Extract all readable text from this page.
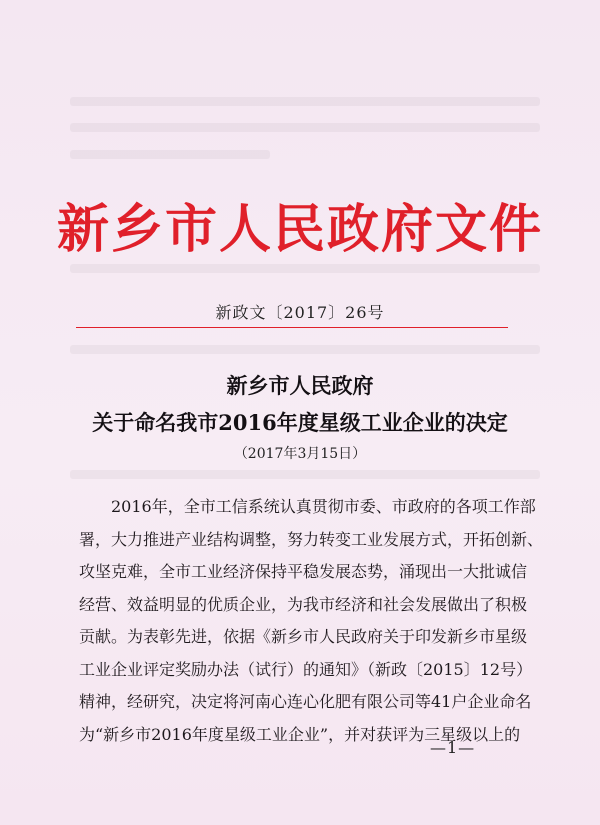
新乡市人民政府文件
新政文〔2017〕26号
新乡市人民政府
关于命名我市2016年度星级工业企业的决定
（2017年3月15日）
2016年，全市工信系统认真贯彻市委、市政府的各项工作部
署，大力推进产业结构调整，努力转变工业发展方式，开拓创新、
攻坚克难，全市工业经济保持平稳发展态势，涌现出一大批诚信
经营、效益明显的优质企业，为我市经济和社会发展做出了积极
贡献。为表彰先进，依据《新乡市人民政府关于印发新乡市星级
工业企业评定奖励办法（试行）的通知》（新政〔2015〕12号）
精神，经研究，决定将河南心连心化肥有限公司等41户企业命名
为“新乡市2016年度星级工业企业”，并对获评为三星级以上的
—1—
